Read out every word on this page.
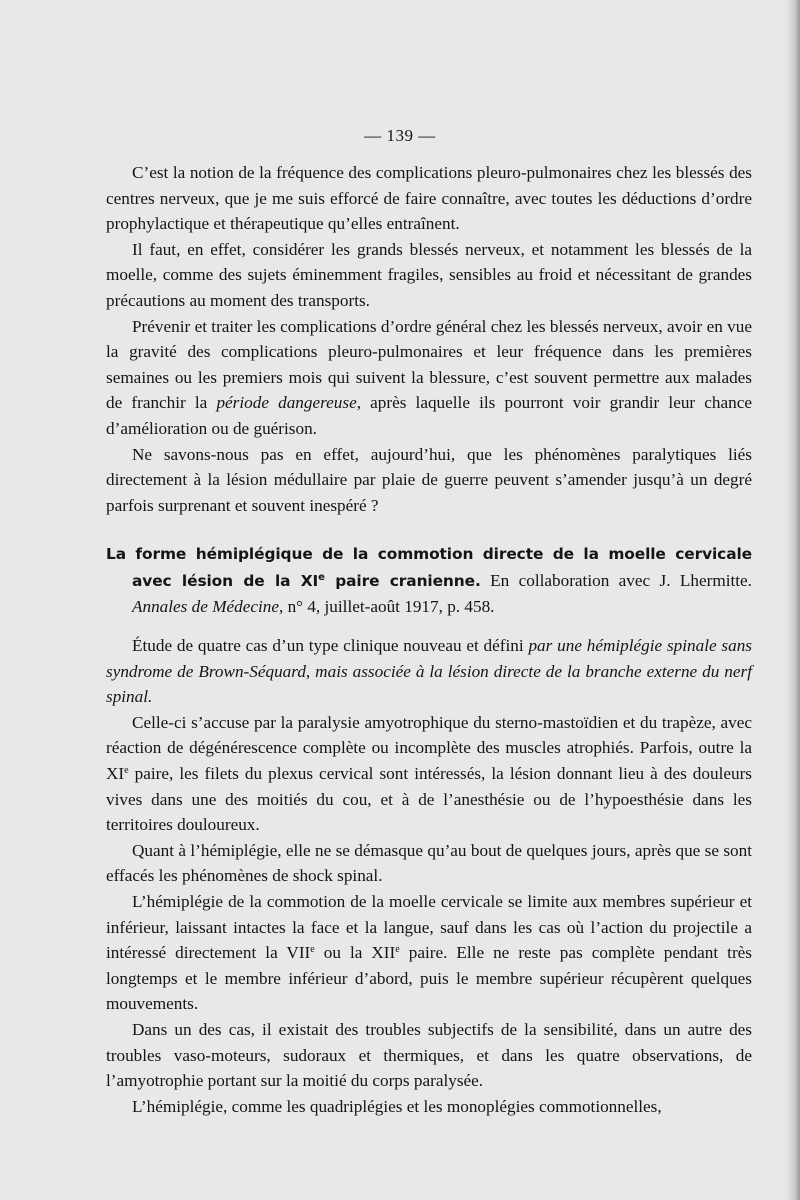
— 139 —

C’est la notion de la fréquence des complications pleuro-pulmonaires chez les blessés des centres nerveux, que je me suis efforcé de faire connaître, avec toutes les déductions d’ordre prophylactique et thérapeutique qu’elles entraînent.

Il faut, en effet, considérer les grands blessés nerveux, et notamment les blessés de la moelle, comme des sujets éminemment fragiles, sensibles au froid et nécessitant de grandes précautions au moment des transports.

Prévenir et traiter les complications d’ordre général chez les blessés nerveux, avoir en vue la gravité des complications pleuro-pulmonaires et leur fréquence dans les premières semaines ou les premiers mois qui suivent la blessure, c’est souvent permettre aux malades de franchir la période dangereuse, après laquelle ils pourront voir grandir leur chance d’amélioration ou de guérison.

Ne savons-nous pas en effet, aujourd’hui, que les phénomènes paralytiques liés directement à la lésion médullaire par plaie de guerre peuvent s’amender jusqu’à un degré parfois surprenant et souvent inespéré ?

La forme hémiplégique de la commotion directe de la moelle cervicale avec lésion de la XIe paire cranienne. En collaboration avec J. Lhermitte. Annales de Médecine, n° 4, juillet-août 1917, p. 458.

Étude de quatre cas d’un type clinique nouveau et défini par une hémiplégie spinale sans syndrome de Brown-Séquard, mais associée à la lésion directe de la branche externe du nerf spinal.

Celle-ci s’accuse par la paralysie amyotrophique du sterno-mastoïdien et du trapèze, avec réaction de dégénérescence complète ou incomplète des muscles atrophiés. Parfois, outre la XIe paire, les filets du plexus cervical sont intéressés, la lésion donnant lieu à des douleurs vives dans une des moitiés du cou, et à de l’anesthésie ou de l’hypoesthésie dans les territoires douloureux.

Quant à l’hémiplégie, elle ne se démasque qu’au bout de quelques jours, après que se sont effacés les phénomènes de shock spinal.

L’hémiplégie de la commotion de la moelle cervicale se limite aux membres supérieur et inférieur, laissant intactes la face et la langue, sauf dans les cas où l’action du projectile a intéressé directement la VIIe ou la XIIe paire. Elle ne reste pas complète pendant très longtemps et le membre inférieur d’abord, puis le membre supérieur récupèrent quelques mouvements.

Dans un des cas, il existait des troubles subjectifs de la sensibilité, dans un autre des troubles vaso-moteurs, sudoraux et thermiques, et dans les quatre observations, de l’amyotrophie portant sur la moitié du corps paralysée.

L’hémiplégie, comme les quadriplégies et les monoplégies commotionnelles,
